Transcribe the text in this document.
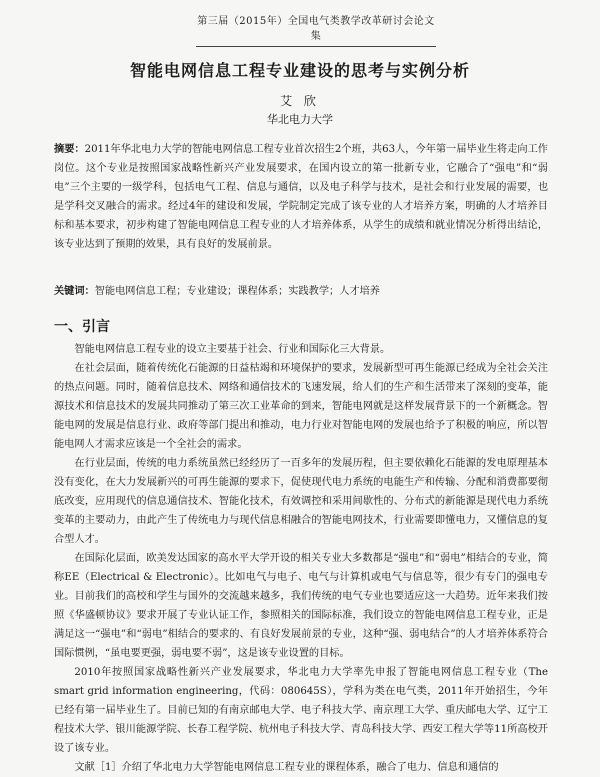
第三届（2015年）全国电气类教学改革研讨会论文集
智能电网信息工程专业建设的思考与实例分析
艾 欣
华北电力大学
摘要：2011年华北电力大学的智能电网信息工程专业首次招生2个班，共63人，今年第一届毕业生将走向工作岗位。这个专业是按照国家战略性新兴产业发展要求，在国内设立的第一批新专业，它融合了“强电”和“弱电”三个主要的一级学科，包括电气工程、信息与通信，以及电子科学与技术，是社会和行业发展的需要，也是学科交叉融合的需求。经过4年的建设和发展，学院制定完成了该专业的人才培养方案，明确的人才培养目标和基本要求，初步构建了智能电网信息工程专业的人才培养体系，从学生的成绩和就业情况分析得出结论，该专业达到了预期的效果，具有良好的发展前景。
关键词：智能电网信息工程；专业建设；课程体系；实践教学；人才培养
一、引言

智能电网信息工程专业的设立主要基于社会、行业和国际化三大背景。

在社会层面，随着传统化石能源的日益枯竭和环境保护的要求，发展新型可再生能源已经成为全社会关注的热点问题。同时，随着信息技术、网络和通信技术的飞速发展，给人们的生产和生活带来了深刻的变革，能源技术和信息技术的发展共同推动了第三次工业革命的到来，智能电网就是这样发展背景下的一个新概念。智能电网的发展是信息行业、政府等部门提出和推动，电力行业对智能电网的发展也给予了积极的响应，所以智能电网人才需求应该是一个全社会的需求。

在行业层面，传统的电力系统虽然已经经历了一百多年的发展历程，但主要依赖化石能源的发电原理基本没有变化，在大力发展新兴的可再生能源的要求下，促使现代电力系统的电能生产和传输、分配和消费都要彻底改变，应用现代的信息通信技术、智能化技术，有效调控和采用间歇性的、分布式的新能源是现代电力系统变革的主要动力，由此产生了传统电力与现代信息相融合的智能电网技术，行业需要即懂电力，又懂信息的复合型人才。

在国际化层面，欧美发达国家的高水平大学开设的相关专业大多数都是“强电”和“弱电”相结合的专业，简称EE（Electrical & Electronic）。比如电气与电子、电气与计算机或电气与信息等，很少有专门的强电专业。目前我们的高校和学生与国外的交流越来越多，我们传统的电气专业也要适应这一大趋势。近年来我们按照《华盛顿协议》要求开展了专业认证工作，参照相关的国际标准，我们设立的智能电网信息工程专业，正是满足这一“强电”和“弱电”相结合的要求的、有良好发展前景的专业，这种“强、弱电结合”的人才培养体系符合国际惯例，“虽电要更强，弱电要不弱”，这是该专业设置的目标。

2010年按照国家战略性新兴产业发展要求，华北电力大学率先申报了智能电网信息工程专业（The smart grid information engineering，代码：080645S），学科为类在电气类，2011年开始招生，今年已经有第一届毕业生了。目前已知的有南京邮电大学、电子科技大学、南京理工大学、重庆邮电大学、辽宁工程技术大学、银川能源学院、长春工程学院、杭州电子科技大学、青岛科技大学、西安工程大学等11所高校开设了该专业。

文献［1］介绍了华北电力大学智能电网信息工程专业的课程体系，融合了电力、信息和通信的
